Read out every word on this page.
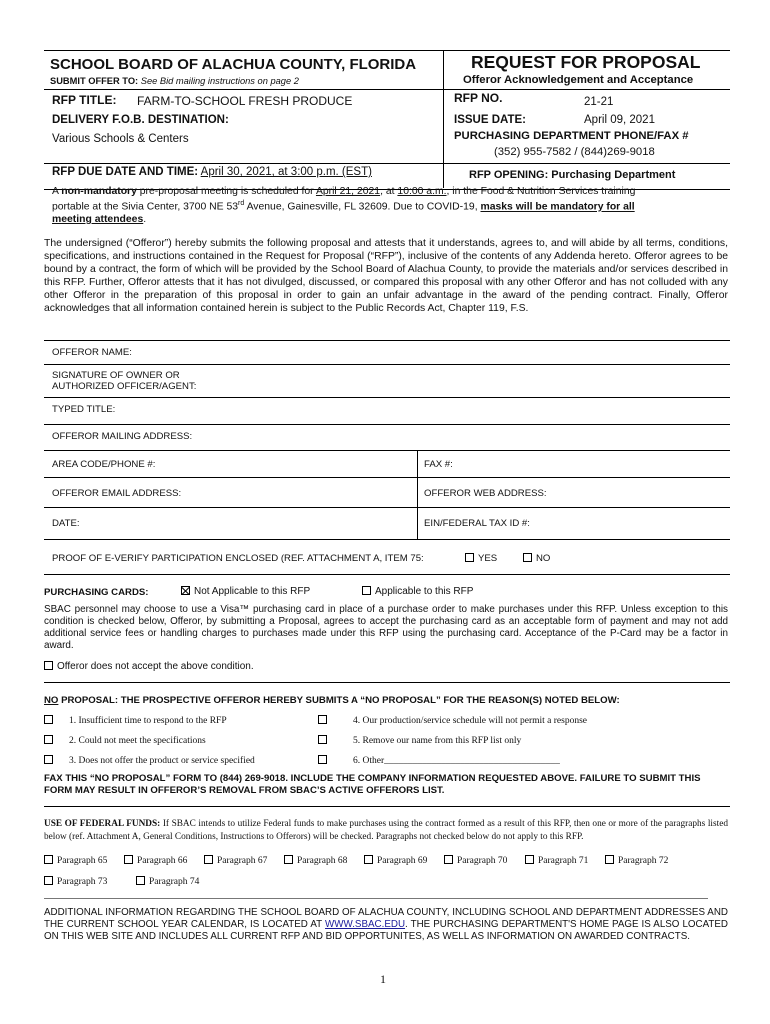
SCHOOL BOARD OF ALACHUA COUNTY, FLORIDA	REQUEST FOR PROPOSAL
SUBMIT OFFER TO: See Bid mailing instructions on page 2	Offeror Acknowledgement and Acceptance
RFP TITLE: FARM-TO-SCHOOL FRESH PRODUCE	RFP NO.	21-21
DELIVERY F.O.B. DESTINATION:
Various Schools & Centers
ISSUE DATE:	April 09, 2021
PURCHASING DEPARTMENT PHONE/FAX #
(352) 955-7582 / (844)269-9018
RFP DUE DATE AND TIME: April 30, 2021, at 3:00 p.m. (EST)	RFP OPENING: Purchasing Department
A non-mandatory pre-proposal meeting is scheduled for April 21, 2021, at 10:00 a.m., in the Food & Nutrition Services training
portable at the Sivia Center, 3700 NE 53rd Avenue, Gainesville, FL 32609. Due to COVID-19, masks will be mandatory for all
meeting attendees.
The undersigned (“Offeror”) hereby submits the following proposal and attests that it understands, agrees to, and will abide by all terms, conditions, specifications, and instructions contained in the Request for Proposal (“RFP”), inclusive of the contents of any Addenda hereto. Offeror agrees to be bound by a contract, the form of which will be provided by the School Board of Alachua County, to provide the materials and/or services described in this RFP. Further, Offeror attests that it has not divulged, discussed, or compared this proposal with any other Offeror and has not colluded with any other Offeror in the preparation of this proposal in order to gain an unfair advantage in the award of the pending contract. Finally, Offeror acknowledges that all information contained herein is subject to the Public Records Act, Chapter 119, F.S.
OFFEROR NAME:
SIGNATURE OF OWNER OR
AUTHORIZED OFFICER/AGENT:
TYPED TITLE:
OFFEROR MAILING ADDRESS:
AREA CODE/PHONE #:	FAX #:
OFFEROR EMAIL ADDRESS:	OFFEROR WEB ADDRESS:
DATE:	EIN/FEDERAL TAX ID #:
PROOF OF E-VERIFY PARTICIPATION ENCLOSED (REF. ATTACHMENT A, ITEM 75:	YES	NO
PURCHASING CARDS:	Not Applicable to this RFP	Applicable to this RFP
SBAC personnel may choose to use a Visa™ purchasing card in place of a purchase order to make purchases under this RFP. Unless exception to this condition is checked below, Offeror, by submitting a Proposal, agrees to accept the purchasing card as an acceptable form of payment and may not add additional service fees or handling charges to purchases made under this RFP using the purchasing card. Acceptance of the P-Card may be a factor in award.
Offeror does not accept the above condition.
NO PROPOSAL: THE PROSPECTIVE OFFEROR HEREBY SUBMITS A “NO PROPOSAL” FOR THE REASON(S) NOTED BELOW:
1. Insufficient time to respond to the RFP	4. Our production/service schedule will not permit a response
2. Could not meet the specifications	5. Remove our name from this RFP list only
3. Does not offer the product or service specified	6. Other_____________________________________
FAX THIS “NO PROPOSAL” FORM TO (844) 269-9018. INCLUDE THE COMPANY INFORMATION REQUESTED ABOVE. FAILURE TO SUBMIT THIS FORM MAY RESULT IN OFFEROR’S REMOVAL FROM SBAC’S ACTIVE OFFERORS LIST.
USE OF FEDERAL FUNDS: If SBAC intends to utilize Federal funds to make purchases using the contract formed as a result of this RFP, then one or more of the paragraphs listed below (ref. Attachment A, General Conditions, Instructions to Offerors) will be checked. Paragraphs not checked below do not apply to this RFP.
Paragraph 65	Paragraph 66	Paragraph 67	Paragraph 68	Paragraph 69	Paragraph 70	Paragraph 71	Paragraph 72
Paragraph 73	Paragraph 74
ADDITIONAL INFORMATION REGARDING THE SCHOOL BOARD OF ALACHUA COUNTY, INCLUDING SCHOOL AND DEPARTMENT ADDRESSES AND THE CURRENT SCHOOL YEAR CALENDAR, IS LOCATED AT WWW.SBAC.EDU. THE PURCHASING DEPARTMENT'S HOME PAGE IS ALSO LOCATED ON THIS WEB SITE AND INCLUDES ALL CURRENT RFP AND BID OPPORTUNITES, AS WELL AS INFORMATION ON AWARDED CONTRACTS.
1
